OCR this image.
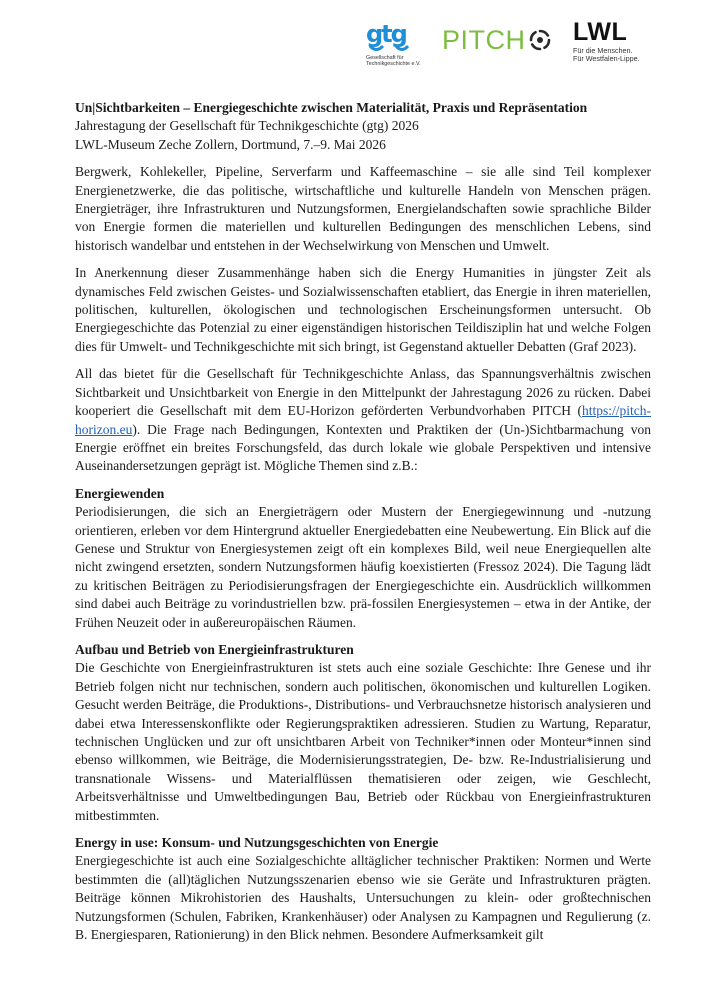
gtg
Gesellschaft für
Technikgeschichte e.V.
PITCH LWL
Für die Menschen.
Für Westfalen-Lippe.

Un|Sichtbarkeiten – Energiegeschichte zwischen Materialität, Praxis und Repräsentation

Jahrestagung der Gesellschaft für Technikgeschichte (gtg) 2026

LWL-Museum Zeche Zollern, Dortmund, 7.–9. Mai 2026

Bergwerk, Kohlekeller, Pipeline, Serverfarm und Kaffeemaschine – sie alle sind Teil komplexer Energienetzwerke, die das politische, wirtschaftliche und kulturelle Handeln von Menschen prägen. Energieträger, ihre Infrastrukturen und Nutzungsformen, Energielandschaften sowie sprachliche Bilder von Energie formen die materiellen und kulturellen Bedingungen des menschlichen Lebens, sind historisch wandelbar und entstehen in der Wechselwirkung von Menschen und Umwelt.

In Anerkennung dieser Zusammenhänge haben sich die Energy Humanities in jüngster Zeit als dynamisches Feld zwischen Geistes- und Sozialwissenschaften etabliert, das Energie in ihren materiellen, politischen, kulturellen, ökologischen und technologischen Erscheinungsformen untersucht. Ob Energiegeschichte das Potenzial zu einer eigenständigen historischen Teildisziplin hat und welche Folgen dies für Umwelt- und Technikgeschichte mit sich bringt, ist Gegenstand aktueller Debatten (Graf 2023).

All das bietet für die Gesellschaft für Technikgeschichte Anlass, das Spannungsverhältnis zwischen Sichtbarkeit und Unsichtbarkeit von Energie in den Mittelpunkt der Jahrestagung 2026 zu rücken. Dabei kooperiert die Gesellschaft mit dem EU-Horizon geförderten Verbundvorhaben PITCH (https://pitch-horizon.eu). Die Frage nach Bedingungen, Kontexten und Praktiken der (Un-)Sichtbarmachung von Energie eröffnet ein breites Forschungsfeld, das durch lokale wie globale Perspektiven und intensive Auseinandersetzungen geprägt ist. Mögliche Themen sind z.B.:

Energiewenden

Periodisierungen, die sich an Energieträgern oder Mustern der Energiegewinnung und -nutzung orientieren, erleben vor dem Hintergrund aktueller Energiedebatten eine Neubewertung. Ein Blick auf die Genese und Struktur von Energiesystemen zeigt oft ein komplexes Bild, weil neue Energiequellen alte nicht zwingend ersetzten, sondern Nutzungsformen häufig koexistierten (Fressoz 2024). Die Tagung lädt zu kritischen Beiträgen zu Periodisierungsfragen der Energiegeschichte ein. Ausdrücklich willkommen sind dabei auch Beiträge zu vorindustriellen bzw. prä-fossilen Energiesystemen – etwa in der Antike, der Frühen Neuzeit oder in außereuropäischen Räumen.

Aufbau und Betrieb von Energieinfrastrukturen

Die Geschichte von Energieinfrastrukturen ist stets auch eine soziale Geschichte: Ihre Genese und ihr Betrieb folgen nicht nur technischen, sondern auch politischen, ökonomischen und kulturellen Logiken. Gesucht werden Beiträge, die Produktions-, Distributions- und Verbrauchsnetze historisch analysieren und dabei etwa Interessenskonflikte oder Regierungspraktiken adressieren. Studien zu Wartung, Reparatur, technischen Unglücken und zur oft unsichtbaren Arbeit von Techniker*innen oder Monteur*innen sind ebenso willkommen, wie Beiträge, die Modernisierungsstrategien, De- bzw. Re-Industrialisierung und transnationale Wissens- und Materialflüssen thematisieren oder zeigen, wie Geschlecht, Arbeitsverhältnisse und Umweltbedingungen Bau, Betrieb oder Rückbau von Energieinfrastrukturen mitbestimmten.

Energy in use: Konsum- und Nutzungsgeschichten von Energie

Energiegeschichte ist auch eine Sozialgeschichte alltäglicher technischer Praktiken: Normen und Werte bestimmten die (all)täglichen Nutzungsszenarien ebenso wie sie Geräte und Infrastrukturen prägten. Beiträge können Mikrohistorien des Haushalts, Untersuchungen zu klein- oder großtechnischen Nutzungsformen (Schulen, Fabriken, Krankenhäuser) oder Analysen zu Kampagnen und Regulierung (z. B. Energiesparen, Rationierung) in den Blick nehmen. Besondere Aufmerksamkeit gilt
